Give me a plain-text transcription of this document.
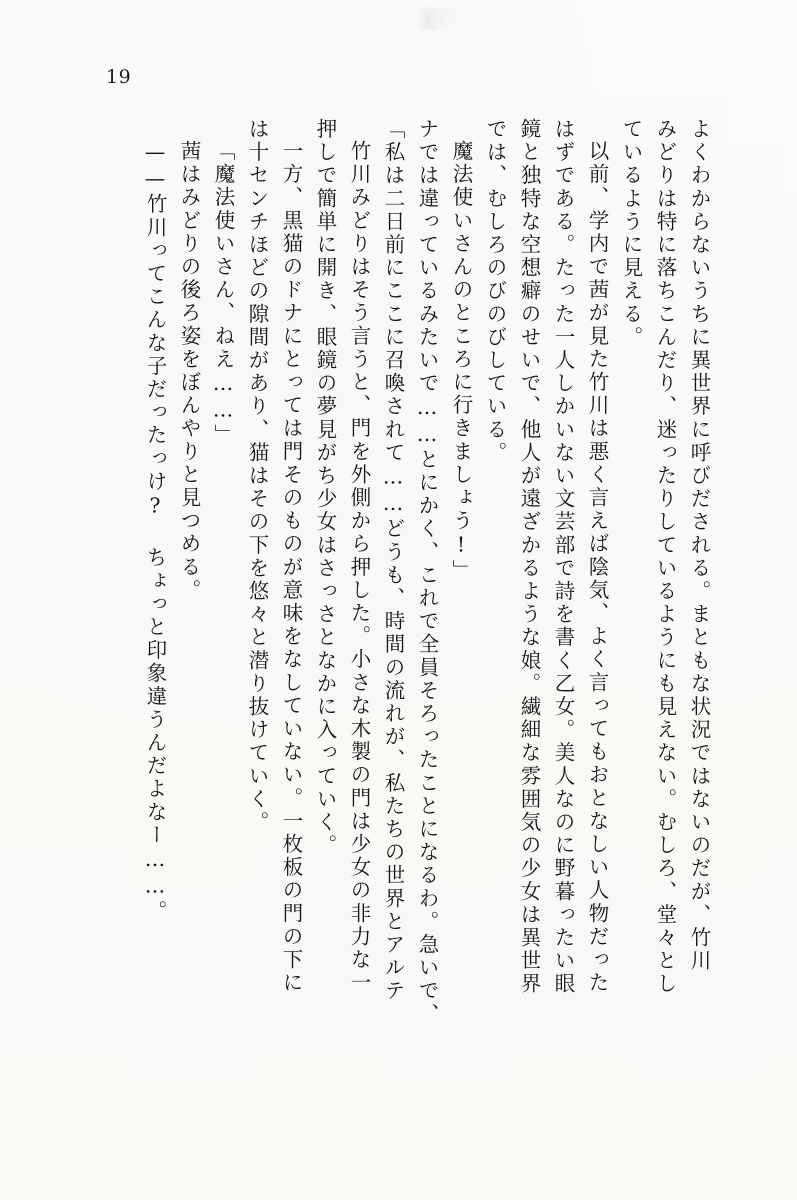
19
よくわからないうちに異世界に呼びだされる。まともな状況ではないのだが、竹川
みどりは特に落ちこんだり、迷ったりしているようにも見えない。むしろ、堂々とし
ているように見える。
以前、学内で茜が見た竹川は悪く言えば陰気、よく言ってもおとなしい人物だった
はずである。たった一人しかいない文芸部で詩を書く乙女。美人なのに野暮ったい眼
鏡と独特な空想癖のせいで、他人が遠ざかるような娘。繊細な雰囲気の少女は異世界
では、むしろのびのびしている。
魔法使いさんのところに行きましょう!」
ナでは違っているみたいで……とにかく、これで全員そろったことになるわ。急いで、
「私は二日前にここに召喚されて……どうも、時間の流れが、私たちの世界とアルテ
竹川みどりはそう言うと、門を外側から押した。小さな木製の門は少女の非力な一
押しで簡単に開き、眼鏡の夢見がち少女はさっさとなかに入っていく。
一方、黒猫のドナにとっては門そのものが意味をなしていない。一枚板の門の下に
は十センチほどの隙間があり、猫はその下を悠々と潜り抜けていく。
「魔法使いさん、ねえ……」
茜はみどりの後ろ姿をぼんやりと見つめる。
——竹川ってこんな子だったっけ? ちょっと印象違うんだよなー……。
